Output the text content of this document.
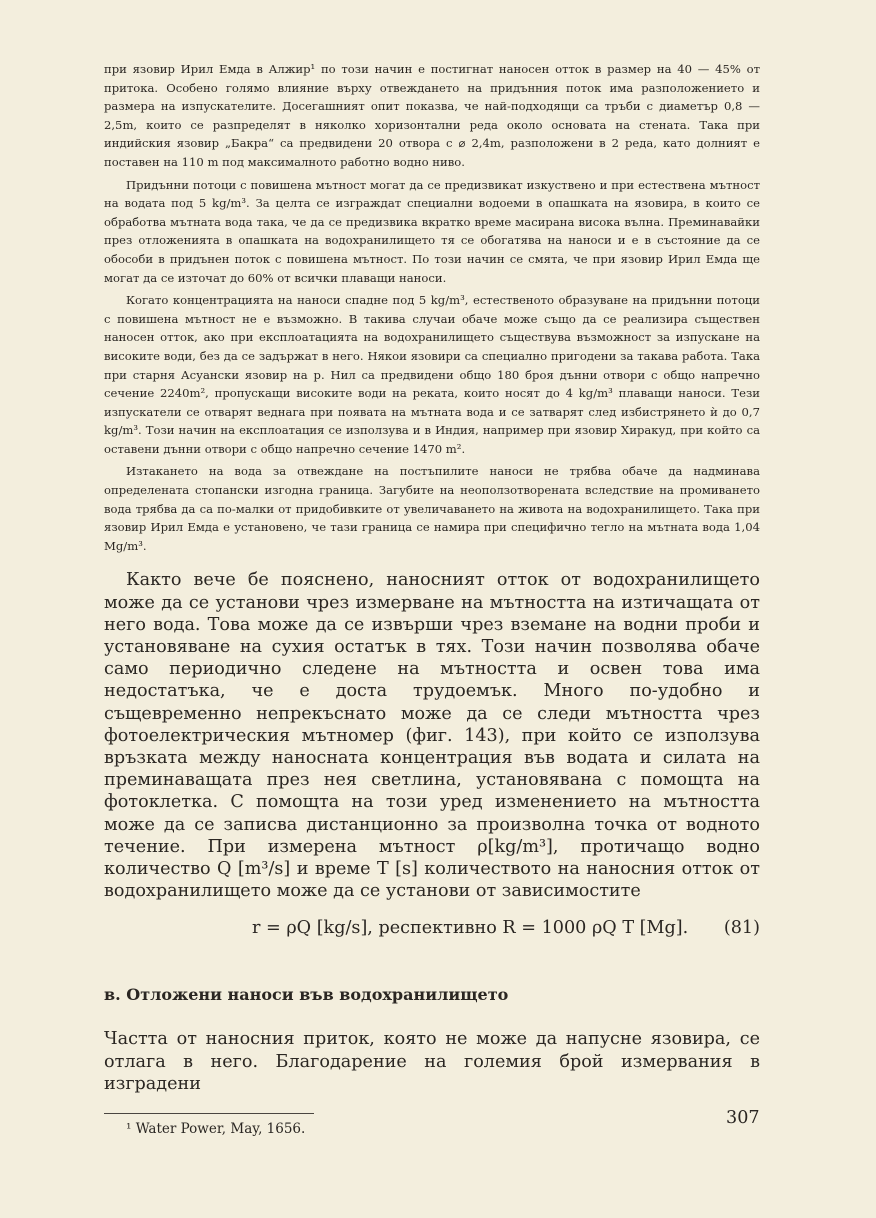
при язовир Ирил Емда в Алжир¹ по този начин е постигнат наносен отток в размер на 40 — 45% от притока. Особено голямо влияние върху отвеждането на придънния поток има разположението и размера на изпускателите. Досегашният опит показва, че най-подходящи са тръби с диаметър 0,8 — 2,5m, които се разпределят в няколко хоризонтални реда около основата на стената. Така при индийския язовир „Бакра“ са предвидени 20 отвора с ⌀ 2,4m, разположени в 2 реда, като долният е поставен на 110 m под максималното работно водно ниво.

Придънни потоци с повишена мътност могат да се предизвикат изкуствено и при естествена мътност на водата под 5 kg/m³. За целта се изграждат специални водоеми в опашката на язовира, в които се обработва мътната вода така, че да се предизвика вкратко време масирана висока вълна. Преминавайки през отложенията в опашката на водохранилището тя се обогатява на наноси и е в състояние да се обособи в придънен поток с повишена мътност. По този начин се смята, че при язовир Ирил Емда ще могат да се източат до 60% от всички плаващи наноси.

Когато концентрацията на наноси спадне под 5 kg/m³, естественото образуване на придънни потоци с повишена мътност не е възможно. В такива случаи обаче може също да се реализира съществен наносен отток, ако при експлоатацията на водохранилището съществува възможност за изпускане на високите води, без да се задържат в него. Някои язовири са специално пригодени за такава работа. Така при старня Асуански язовир на р. Нил са предвидени общо 180 броя дънни отвори с общо напречно сечение 2240m², пропускащи високите води на реката, които носят до 4 kg/m³ плаващи наноси. Тези изпускатели се отварят веднага при появата на мътната вода и се затварят след избистрянето ѝ до 0,7 kg/m³. Този начин на експлоатация се използува и в Индия, например при язовир Хиракуд, при който са оставени дънни отвори с общо напречно сечение 1470 m².

Изтакането на вода за отвеждане на постъпилите наноси не трябва обаче да надминава определената стопански изгодна граница. Загубите на неоползотворената вследствие на промиването вода трябва да са по-малки от придобивките от увеличаването на живота на водохранилището. Така при язовир Ирил Емда е установено, че тази граница се намира при специфично тегло на мътната вода 1,04 Mg/m³.

Както вече бе пояснено, наносният отток от водохранилището може да се установи чрез измерване на мътността на изтичащата от него вода. Това може да се извърши чрез вземане на водни проби и установяване на сухия остатък в тях. Този начин позволява обаче само периодично следене на мътността и освен това има недостатъка, че е доста трудоемък. Много по-удобно и същевременно непрекъснато може да се следи мътността чрез фотоелектрическия мътномер (фиг. 143), при който се използува връзката между наносната концентрация във водата и силата на преминаващата през нея светлина, установявана с помощта на фотоклетка. С помощта на този уред изменението на мътността може да се записва дистанционно за произволна точка от водното течение. При измерена мътност ρ[kg/m³], протичащо водно количество Q [m³/s] и време T [s] количеството на наносния отток от водохранилището може да се установи от зависимостите

r = ρQ [kg/s], респективно R = 1000 ρQ T [Mg]. (81)
в. Отложени наноси във водохранилището

Частта от наносния приток, която не може да напусне язовира, се отлага в него. Благодарение на големия брой измервания в изградени

¹ Water Power, May, 1656.
307
